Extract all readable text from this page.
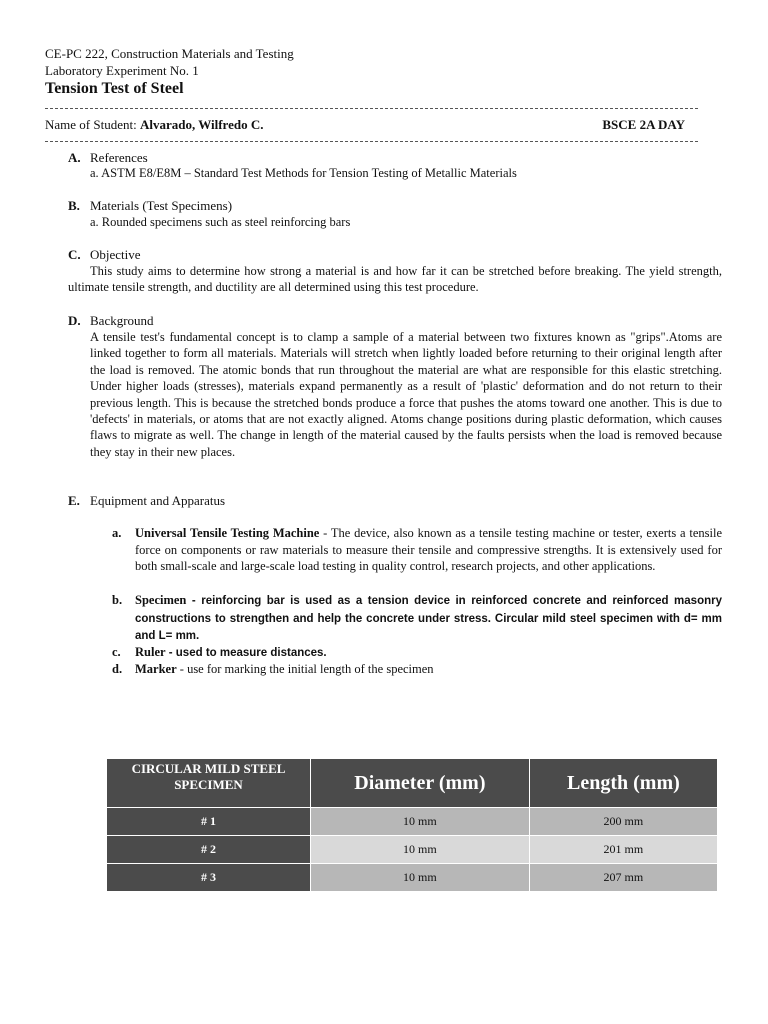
CE-PC 222, Construction Materials and Testing
Laboratory Experiment No. 1
Tension Test of Steel
Name of Student: Alvarado, Wilfredo C.	BSCE 2A DAY
A. References
a. ASTM E8/E8M – Standard Test Methods for Tension Testing of Metallic Materials
B. Materials (Test Specimens)
a. Rounded specimens such as steel reinforcing bars
C. Objective
This study aims to determine how strong a material is and how far it can be stretched before breaking. The yield strength, ultimate tensile strength, and ductility are all determined using this test procedure.
D. Background
A tensile test's fundamental concept is to clamp a sample of a material between two fixtures known as "grips".Atoms are linked together to form all materials. Materials will stretch when lightly loaded before returning to their original length after the load is removed. The atomic bonds that run throughout the material are what are responsible for this elastic stretching. Under higher loads (stresses), materials expand permanently as a result of 'plastic' deformation and do not return to their previous length. This is because the stretched bonds produce a force that pushes the atoms toward one another. This is due to 'defects' in materials, or atoms that are not exactly aligned. Atoms change positions during plastic deformation, which causes flaws to migrate as well. The change in length of the material caused by the faults persists when the load is removed because they stay in their new places.
E. Equipment and Apparatus
a. Universal Tensile Testing Machine - The device, also known as a tensile testing machine or tester, exerts a tensile force on components or raw materials to measure their tensile and compressive strengths. It is extensively used for both small-scale and large-scale load testing in quality control, research projects, and other applications.
b. Specimen - reinforcing bar is used as a tension device in reinforced concrete and reinforced masonry constructions to strengthen and help the concrete under stress. Circular mild steel specimen with d= mm and L= mm.
c. Ruler - used to measure distances.
d. Marker - use for marking the initial length of the specimen
CIRCULAR MILD STEEL SPECIMEN	Diameter (mm)	Length (mm)
# 1	10 mm	200 mm
# 2	10 mm	201 mm
# 3	10 mm	207 mm
